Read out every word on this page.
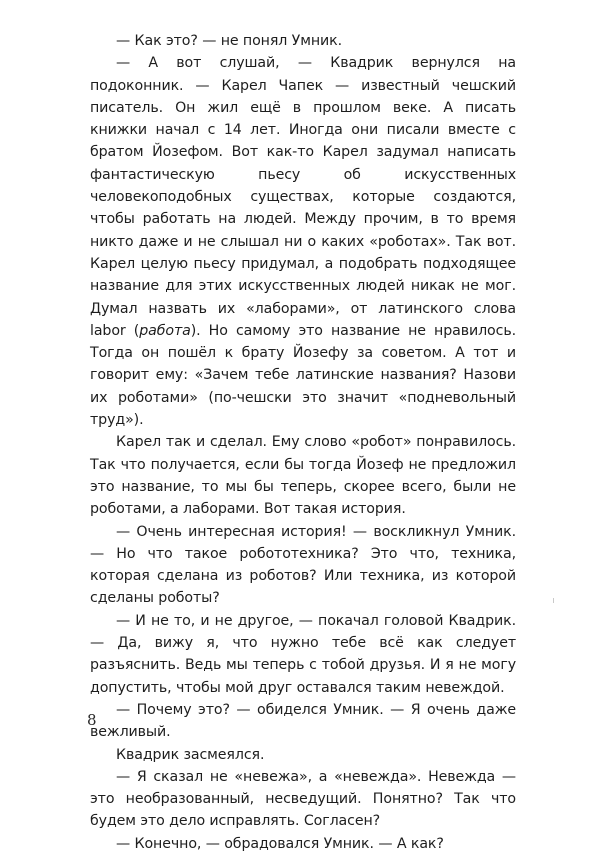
— Как это? — не понял Умник.

— А вот слушай, — Квадрик вернулся на подоконник. — Карел Чапек — известный чешский писатель. Он жил ещё в прошлом веке. А писать книжки начал с 14 лет. Иногда они писали вместе с братом Йозефом. Вот как-то Карел задумал написать фантастическую пьесу об искусственных человекоподобных существах, которые создаются, чтобы работать на людей. Между прочим, в то время никто даже и не слышал ни о каких «роботах». Так вот. Карел целую пьесу придумал, а подобрать подходящее название для этих искусственных людей никак не мог. Думал назвать их «лаборами», от латинского слова labor (работа). Но самому это название не нравилось. Тогда он пошёл к брату Йозефу за советом. А тот и говорит ему: «Зачем тебе латинские названия? Назови их роботами» (по-чешски это значит «подневольный труд»).

Карел так и сделал. Ему слово «робот» понравилось. Так что получается, если бы тогда Йозеф не предложил это название, то мы бы теперь, скорее всего, были не роботами, а лаборами. Вот такая история.

— Очень интересная история! — воскликнул Умник. — Но что такое робототехника? Это что, техника, которая сделана из роботов? Или техника, из которой сделаны роботы?

— И не то, и не другое, — покачал головой Квадрик. — Да, вижу я, что нужно тебе всё как следует разъяснить. Ведь мы теперь с тобой друзья. И я не могу допустить, чтобы мой друг оставался таким невеждой.

— Почему это? — обиделся Умник. — Я очень даже вежливый.

Квадрик засмеялся.

— Я сказал не «невежа», а «невежда». Невежда — это необразованный, несведущий. Понятно? Так что будем это дело исправлять. Согласен?

— Конечно, — обрадовался Умник. — А как?

8
